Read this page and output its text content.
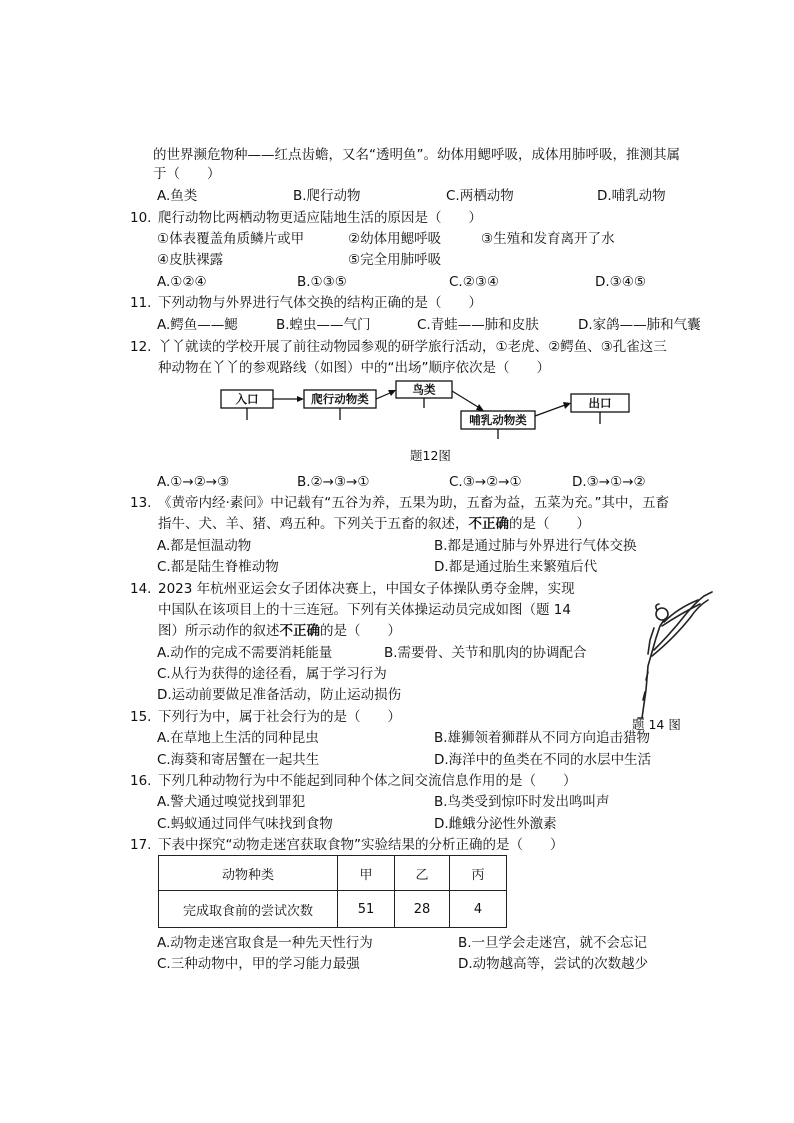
的世界濒危物种——红点齿蟾，又名“透明鱼”。幼体用鳃呼吸，成体用肺呼吸，推测其属
于（　　）
A.鱼类	B.爬行动物	C.两栖动物	D.哺乳动物
10. 爬行动物比两栖动物更适应陆地生活的原因是（　　）
①体表覆盖角质鳞片或甲	②幼体用鳃呼吸	③生殖和发育离开了水
④皮肤裸露	⑤完全用肺呼吸
A.①②④	B.①③⑤	C.②③④	D.③④⑤
11. 下列动物与外界进行气体交换的结构正确的是（　　）
A.鳄鱼——鳃	B.蝗虫——气门	C.青蛙——肺和皮肤	D.家鸽——肺和气囊
12. 丫丫就读的学校开展了前往动物园参观的研学旅行活动，①老虎、②鳄鱼、③孔雀这三
种动物在丫丫的参观路线（如图）中的“出场”顺序依次是（　　）
入口	爬行动物类
鸟类
哺乳动物类
出口
题12图
A.①→②→③	B.②→③→①	C.③→②→①	D.③→①→②
13. 《黄帝内经·素问》中记载有“五谷为养，五果为助，五畜为益，五菜为充。”其中，五畜
指牛、犬、羊、猪、鸡五种。下列关于五畜的叙述，不正确的是（　　）
A.都是恒温动物	B.都是通过肺与外界进行气体交换
C.都是陆生脊椎动物	D.都是通过胎生来繁殖后代
14. 2023 年杭州亚运会女子团体决赛上，中国女子体操队勇夺金牌，实现
中国队在该项目上的十三连冠。下列有关体操运动员完成如图（题 14
图）所示动作的叙述不正确的是（　　）
A.动作的完成不需要消耗能量	B.需要骨、关节和肌肉的协调配合
C.从行为获得的途径看，属于学习行为
D.运动前要做足准备活动，防止运动损伤
题 14 图
15. 下列行为中，属于社会行为的是（　　）
A.在草地上生活的同种昆虫	B.雄狮领着狮群从不同方向追击猎物
C.海葵和寄居蟹在一起共生	D.海洋中的鱼类在不同的水层中生活
16. 下列几种动物行为中不能起到同种个体之间交流信息作用的是（　　）
A.警犬通过嗅觉找到罪犯	B.鸟类受到惊吓时发出鸣叫声
C.蚂蚁通过同伴气味找到食物	D.雌蛾分泌性外激素
17. 下表中探究“动物走迷宫获取食物”实验结果的分析正确的是（　　）
动物种类	甲	乙	丙
完成取食前的尝试次数	51	28	4
A.动物走迷宫取食是一种先天性行为	B.一旦学会走迷宫，就不会忘记
C.三种动物中，甲的学习能力最强	D.动物越高等，尝试的次数越少
